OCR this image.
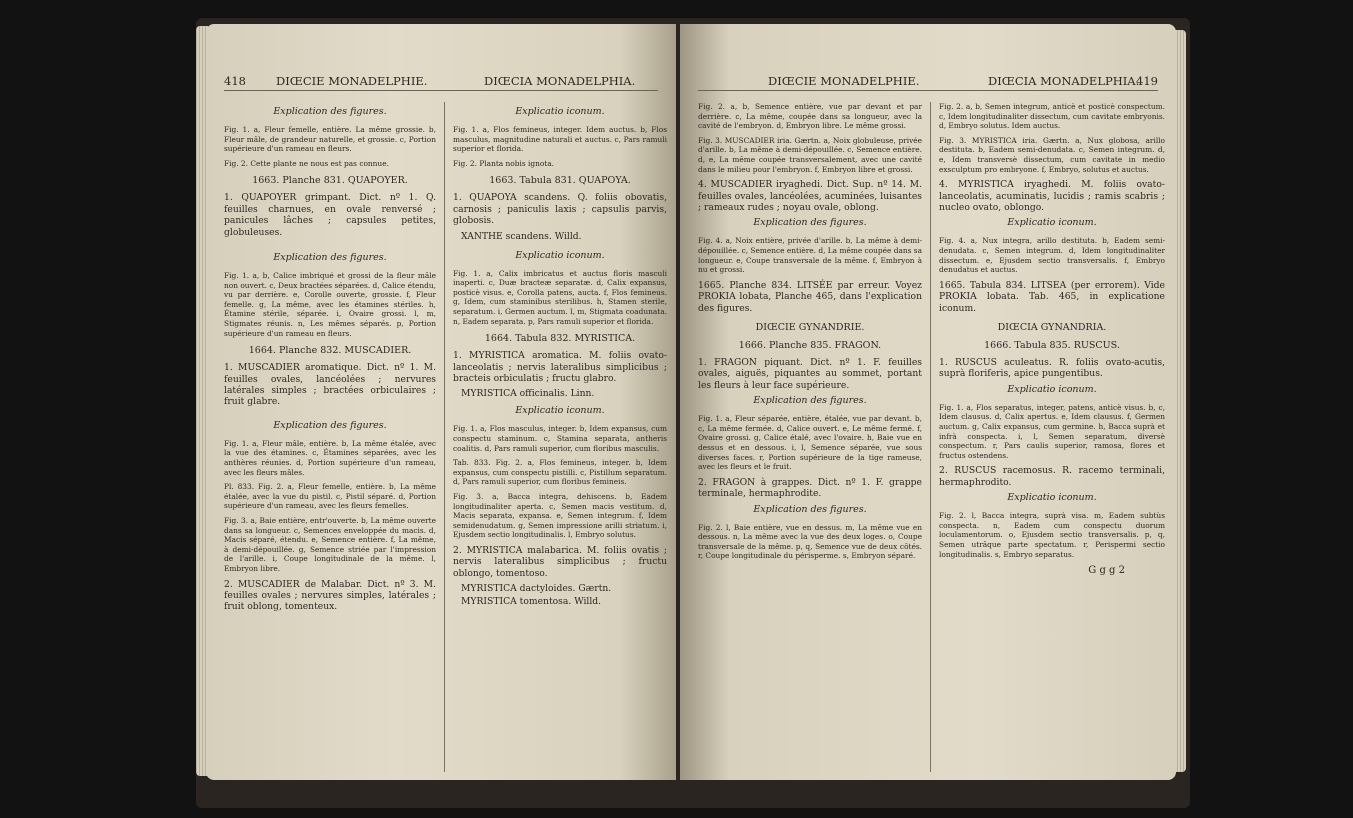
418	DIŒCIE MONADELPHIE.	DIŒCIA MONADELPHIA.
Explication des figures.

Fig. 1. a, Fleur femelle, entière. La même grossie. b, Fleur mâle, de grandeur naturelle, et grossie. c, Portion supérieure d'un rameau en fleurs.

Fig. 2. Cette plante ne nous est pas connue.

1663. Planche 831. QUAPOYER.

1. QUAPOYER grimpant. Dict. nº 1. Q. feuilles charnues, en ovale renversé ; panicules lâches ; capsules petites, globuleuses.

Explication des figures.

Fig. 1. a, b, Calice imbriqué et grossi de la fleur mâle non ouvert. c, Deux bractées séparées. d, Calice étendu, vu par derrière. e, Corolle ouverte, grossie. f, Fleur femelle. g, La même, avec les étamines stériles. h, Étamine stérile, séparée. i, Ovaire grossi. l, m, Stigmates réunis. n, Les mêmes séparés. p, Portion supérieure d'un rameau en fleurs.

1664. Planche 832. MUSCADIER.

1. MUSCADIER aromatique. Dict. nº 1. M. feuilles ovales, lancéolées ; nervures latérales simples ; bractées orbiculaires ; fruit glabre.

Explication des figures.

Fig. 1. a, Fleur mâle, entière. b, La même étalée, avec la vue des étamines. c, Étamines séparées, avec les anthères réunies. d, Portion supérieure d'un rameau, avec les fleurs mâles.

Pl. 833. Fig. 2. a, Fleur femelle, entière. b, La même étalée, avec la vue du pistil. c, Pistil séparé. d, Portion supérieure d'un rameau, avec les fleurs femelles.

Fig. 3. a, Baie entière, entr'ouverte. b, La même ouverte dans sa longueur. c, Semences enveloppée du macis. d, Macis séparé, étendu. e, Semence entière. f, La même, à demi-dépouillée. g, Semence striée par l'impression de l'arille. i, Coupe longitudinale de la même. l, Embryon libre.

2. MUSCADIER de Malabar. Dict. nº 3. M. feuilles ovales ; nervures simples, latérales ; fruit oblong, tomenteux.

Explicatio iconum.

Fig. 1. a, Flos femineus, integer. Idem auctus. b, Flos masculus, magnitudine naturali et auctus. c, Pars ramuli superior et florida.

Fig. 2. Planta nobis ignota.

1663. Tabula 831. QUAPOYA.

1. QUAPOYA scandens. Q. foliis obovatis, carnosis ; paniculis laxis ; capsulis parvis, globosis.

XANTHE scandens. Willd.
Explicatio iconum.

Fig. 1. a, Calix imbricatus et auctus floris masculi inaperti. c, Duæ bracteæ separatæ. d, Calix expansus, posticè visus. e, Corolla patens, aucta. f, Flos femineus. g, Idem, cum staminibus sterilibus. h, Stamen sterile, separatum. i, Germen auctum. l, m, Stigmata coadunata. n, Eadem separata. p, Pars ramuli superior et florida.

1664. Tabula 832. MYRISTICA.

1. MYRISTICA aromatica. M. foliis ovato-lanceolatis ; nervis lateralibus simplicibus ; bracteis orbiculatis ; fructu glabro.

MYRISTICA officinalis. Linn.
Explicatio iconum.

Fig. 1. a, Flos masculus, integer. b, Idem expansus, cum conspectu staminum. c, Stamina separata, antheris coalitis. d, Pars ramuli superior, cum floribus masculis.

Tab. 833. Fig. 2. a, Flos femineus, integer. b, Idem expansus, cum conspectu pistilli. c, Pistillum separatum. d, Pars ramuli superior, cum floribus femineis.

Fig. 3. a, Bacca integra, dehiscens. b, Eadem longitudinaliter aperta. c, Semen macis vestitum. d, Macis separata, expansa. e, Semen integrum. f, Idem semidenudatum. g, Semen impressione arilli striatum. i, Ejusdem sectio longitudinalis. l, Embryo solutus.

2. MYRISTICA malabarica. M. foliis ovatis ; nervis lateralibus simplicibus ; fructu oblongo, tomentoso.

MYRISTICA dactyloides. Gærtn.
MYRISTICA tomentosa. Willd.
DIŒCIE MONADELPHIE.	DIŒCIA MONADELPHIA.
419

Fig. 2. a, b, Semence entière, vue par devant et par derrière. c, La même, coupée dans sa longueur, avec la cavité de l'embryon. d, Embryon libre. Le même grossi.

Fig. 3. MUSCADIER iria. Gærtn. a, Noix globuleuse, privée d'arille. b, La même à demi-dépouillée. c, Semence entière. d, e, La même coupée transversalement, avec une cavité dans le milieu pour l'embryon. f, Embryon libre et grossi.

4. MUSCADIER iryaghedi. Dict. Sup. nº 14. M. feuilles ovales, lancéolées, acuminées, luisantes ; rameaux rudes ; noyau ovale, oblong.

Explication des figures.

Fig. 4. a, Noix entière, privée d'arille. b, La même à demi-dépouillée. c, Semence entière. d, La même coupée dans sa longueur. e, Coupe transversale de la même. f, Embryon à nu et grossi.

1665. Planche 834. LITSÉE par erreur. Voyez PROKIA lobata, Planche 465, dans l'explication des figures.

DIŒCIE GYNANDRIE.
1666. Planche 835. FRAGON.

1. FRAGON piquant. Dict. nº 1. F. feuilles ovales, aiguës, piquantes au sommet, portant les fleurs à leur face supérieure.

Explication des figures.

Fig. 1. a, Fleur séparée, entière, étalée, vue par devant. b, c, La même fermée. d, Calice ouvert. e, Le même fermé. f, Ovaire grossi. g, Calice étalé, avec l'ovaire. h, Baie vue en dessus et en dessous. i, l, Semence séparée, vue sous diverses faces. r, Portion supérieure de la tige rameuse, avec les fleurs et le fruit.

2. FRAGON à grappes. Dict. nº 1. F. grappe terminale, hermaphrodite.

Explication des figures.

Fig. 2. l, Baie entière, vue en dessus. m, La même vue en dessous. n, La même avec la vue des deux loges. o, Coupe transversale de la même. p, q, Semence vue de deux côtés. r, Coupe longitudinale du périsperme. s, Embryon séparé.

Fig. 2. a, b, Semen integrum, anticè et posticè conspectum. c, Idem longitudinaliter dissectum, cum cavitate embryonis. d, Embryo solutus. Idem auctus.

Fig. 3. MYRISTICA iria. Gærtn. a, Nux globosa, arillo destituta. b, Eadem semi-denudata. c, Semen integrum. d, e, Idem transversè dissectum, cum cavitate in medio exsculptum pro embryone. f, Embryo, solutus et auctus.

4. MYRISTICA iryaghedi. M. foliis ovato-lanceolatis, acuminatis, lucidis ; ramis scabris ; nucleo ovato, oblongo.

Explicatio iconum.

Fig. 4. a, Nux integra, arillo destituta. b, Eadem semi-denudata. c, Semen integrum. d, Idem longitudinaliter dissectum. e, Ejusdem sectio transversalis. f, Embryo denudatus et auctus.

1665. Tabula 834. LITSEA (per errorem). Vide PROKIA lobata. Tab. 465, in explicatione iconum.

DIŒCIA GYNANDRIA.
1666. Tabula 835. RUSCUS.

1. RUSCUS aculeatus. R. foliis ovato-acutis, suprà floriferis, apice pungentibus.

Explicatio iconum.

Fig. 1. a, Flos separatus, integer, patens, anticè visus. b, c, Idem clausus. d, Calix apertus. e, Idem clausus. f, Germen auctum. g, Calix expansus, cum germine. h, Bacca suprà et infrà conspecta. i, l, Semen separatum, diversè conspectum. r, Pars caulis superior, ramosa, flores et fructus ostendens.

2. RUSCUS racemosus. R. racemo terminali, hermaphrodito.

Explicatio iconum.

Fig. 2. l, Bacca integra, suprà visa. m, Eadem subtùs conspecta. n, Eadem cum conspectu duorum loculamentorum. o, Ejusdem sectio transversalis. p, q, Semen utrâque parte spectatum. r, Perispermi sectio longitudinalis. s, Embryo separatus.

G g g 2
